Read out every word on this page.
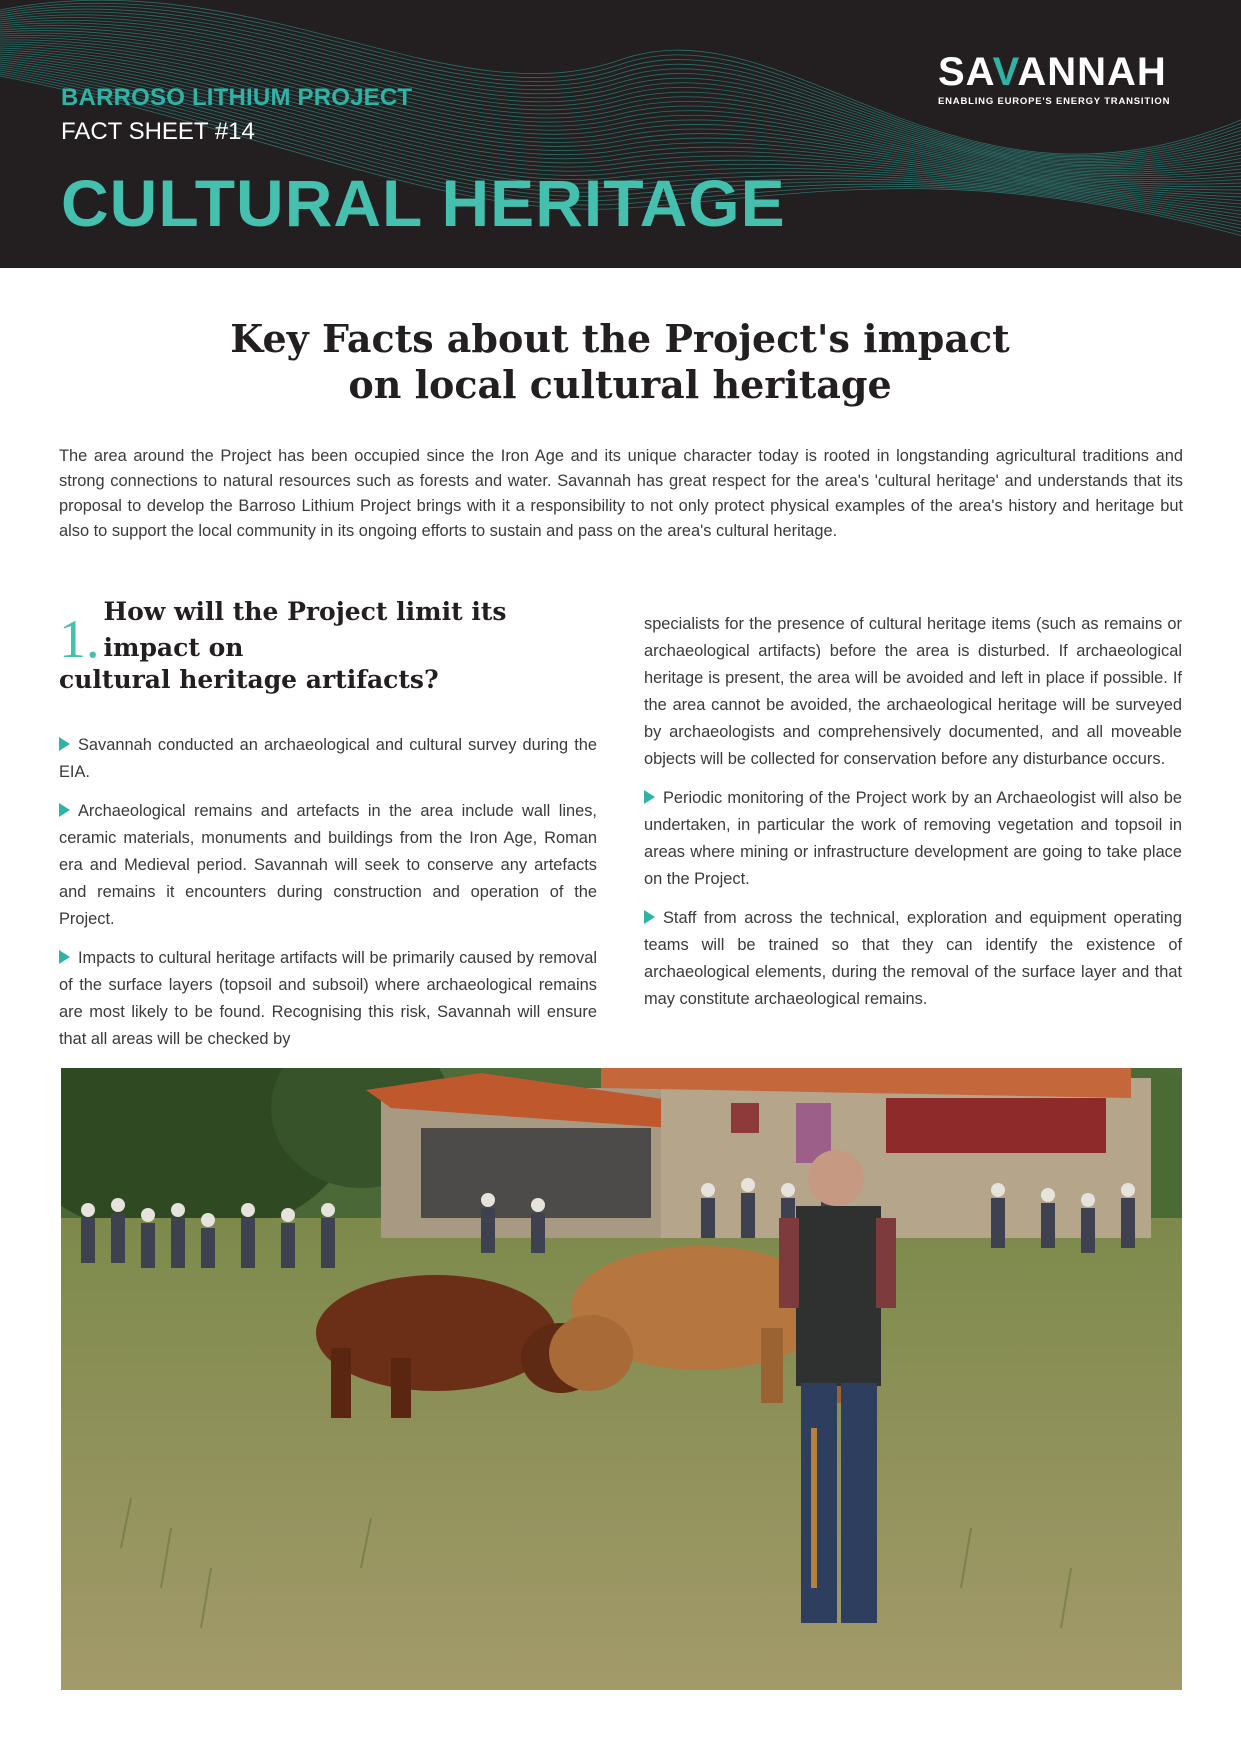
BARROSO LITHIUM PROJECT
FACT SHEET #14
CULTURAL HERITAGE
SAVANNAH
ENABLING EUROPE'S ENERGY TRANSITION
Key Facts about the Project's impact
on local cultural heritage

The area around the Project has been occupied since the Iron Age and its unique character today is rooted in longstanding agricultural traditions and strong connections to natural resources such as forests and water. Savannah has great respect for the area's 'cultural heritage' and understands that its proposal to develop the Barroso Lithium Project brings with it a responsibility to not only protect physical examples of the area's history and heritage but also to support the local community in its ongoing efforts to sustain and pass on the area's cultural heritage.

1. How will the Project limit its impact on
cultural heritage artifacts?

Savannah conducted an archaeological and cultural survey during the EIA.

Archaeological remains and artefacts in the area include wall lines, ceramic materials, monuments and buildings from the Iron Age, Roman era and Medieval period. Savannah will seek to conserve any artefacts and remains it encounters during construction and operation of the Project.

Impacts to cultural heritage artifacts will be primarily caused by removal of the surface layers (topsoil and subsoil) where archaeological remains are most likely to be found. Recognising this risk, Savannah will ensure that all areas will be checked by

specialists for the presence of cultural heritage items (such as remains or archaeological artifacts) before the area is disturbed. If archaeological heritage is present, the area will be avoided and left in place if possible. If the area cannot be avoided, the archaeological heritage will be surveyed by archaeologists and comprehensively documented, and all moveable objects will be collected for conservation before any disturbance occurs.

Periodic monitoring of the Project work by an Archaeologist will also be undertaken, in particular the work of removing vegetation and topsoil in areas where mining or infrastructure development are going to take place on the Project.

Staff from across the technical, exploration and equipment operating teams will be trained so that they can identify the existence of archaeological elements, during the removal of the surface layer and that may constitute archaeological remains.
